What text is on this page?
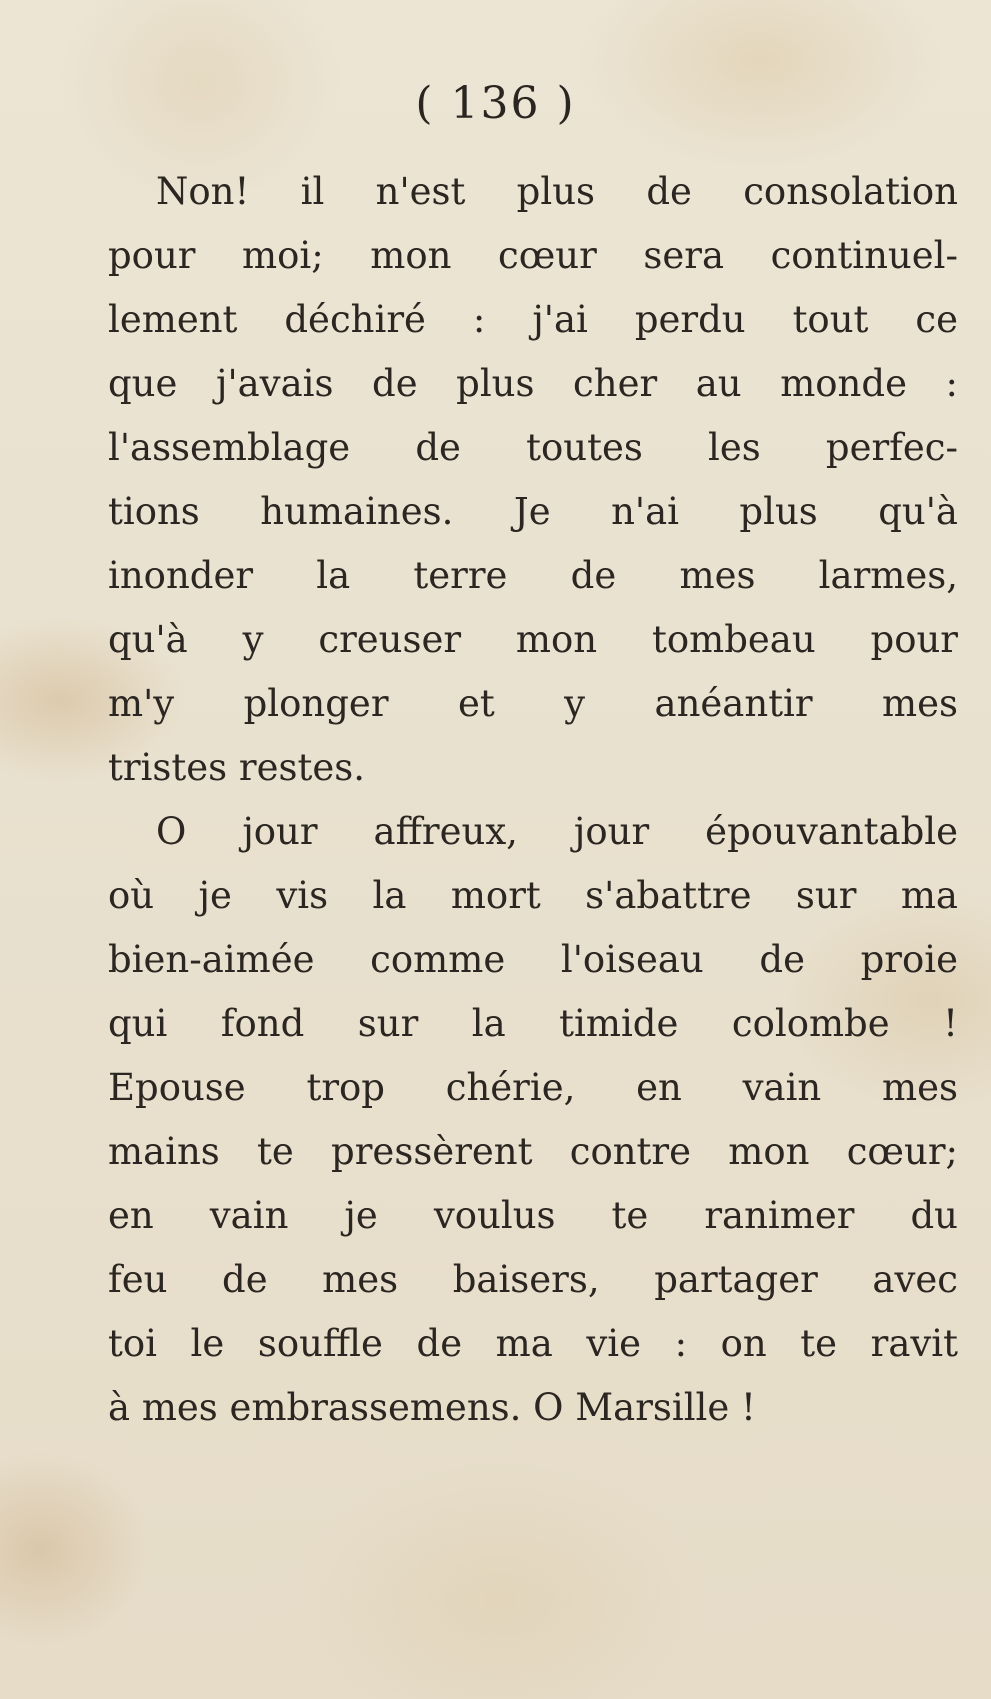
( 136 )
Non! il n'est plus de consolation
pour moi; mon cœur sera continuel-
lement déchiré : j'ai perdu tout ce
que j'avais de plus cher au monde :
l'assemblage de toutes les perfec-
tions humaines. Je n'ai plus qu'à
inonder la terre de mes larmes,
qu'à y creuser mon tombeau pour
m'y plonger et y anéantir mes
tristes restes.
O jour affreux, jour épouvantable
où je vis la mort s'abattre sur ma
bien-aimée comme l'oiseau de proie
qui fond sur la timide colombe !
Epouse trop chérie, en vain mes
mains te pressèrent contre mon cœur;
en vain je voulus te ranimer du
feu de mes baisers, partager avec
toi le souffle de ma vie : on te ravit
à mes embrassemens. O Marsille !
